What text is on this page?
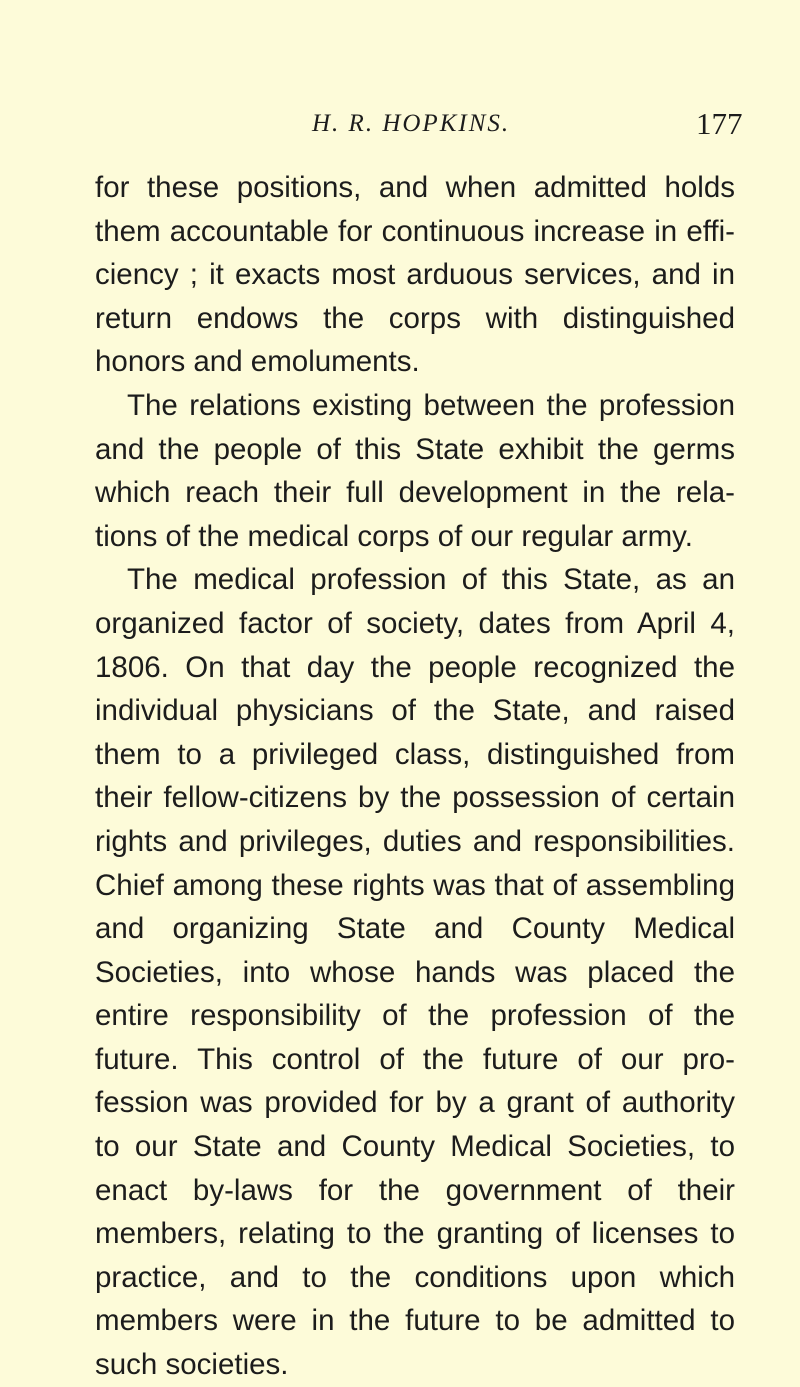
H. R. HOPKINS.	177
for these positions, and when admitted holds
them accountable for continuous increase in effi-
ciency ; it exacts most arduous services, and in
return endows the corps with distinguished
honors and emoluments.
The relations existing between the profession
and the people of this State exhibit the germs
which reach their full development in the rela-
tions of the medical corps of our regular army.
The medical profession of this State, as an
organized factor of society, dates from April 4,
1806. On that day the people recognized the
individual physicians of the State, and raised
them to a privileged class, distinguished from
their fellow-citizens by the possession of certain
rights and privileges, duties and responsibilities.
Chief among these rights was that of assembling
and organizing State and County Medical
Societies, into whose hands was placed the
entire responsibility of the profession of the
future. This control of the future of our pro-
fession was provided for by a grant of authority
to our State and County Medical Societies, to
enact by-laws for the government of their
members, relating to the granting of licenses to
practice, and to the conditions upon which
members were in the future to be admitted to
such societies.
